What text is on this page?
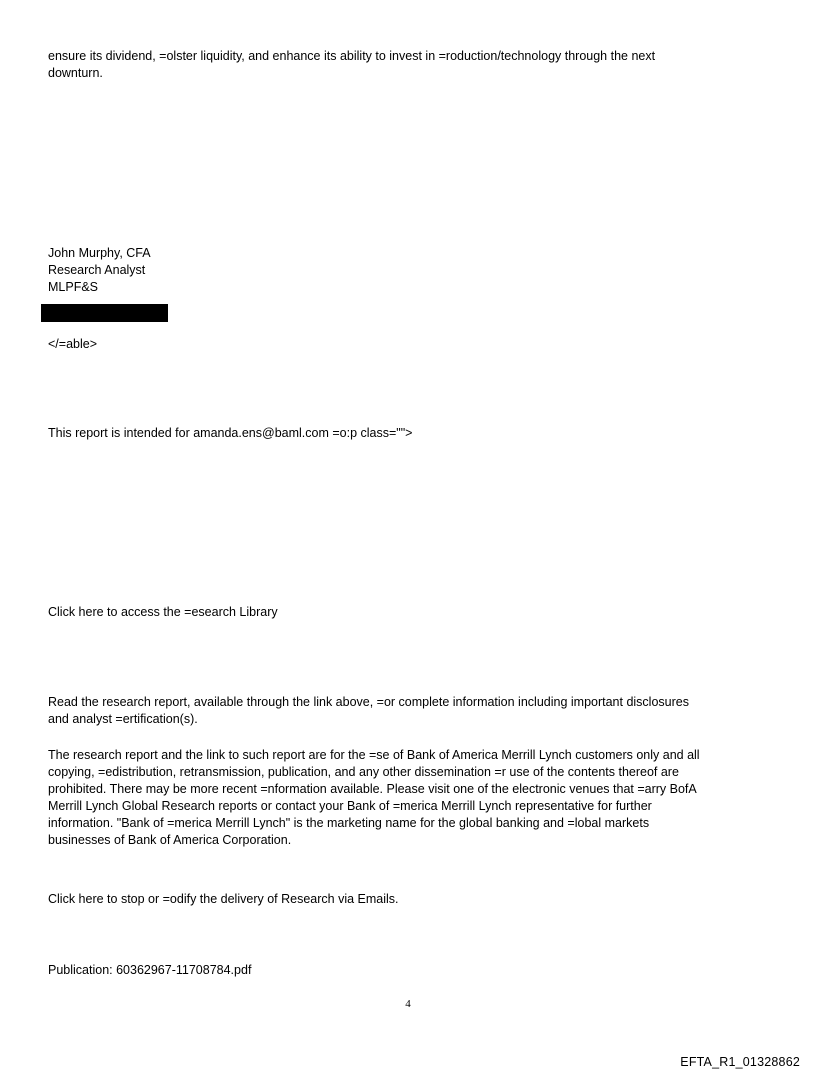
ensure its dividend, =olster liquidity, and enhance its ability to invest in =roduction/technology through the next
downturn.
John Murphy, CFA
Research Analyst
MLPF&S
</=able>
This report is intended for amanda.ens@baml.com =o:p class="">
Click here to access the =esearch Library
Read the research report, available through the link above, =or complete information including important disclosures
and analyst =ertification(s).
The research report and the link to such report are for the =se of Bank of America Merrill Lynch customers only and all
copying, =edistribution, retransmission, publication, and any other dissemination =r use of the contents thereof are
prohibited. There may be more recent =nformation available. Please visit one of the electronic venues that =arry BofA
Merrill Lynch Global Research reports or contact your Bank of =merica Merrill Lynch representative for further
information. "Bank of =merica Merrill Lynch" is the marketing name for the global banking and =lobal markets
businesses of Bank of America Corporation.
Click here to stop or =odify the delivery of Research via Emails.
Publication: 60362967-11708784.pdf
4
EFTA_R1_01328862
